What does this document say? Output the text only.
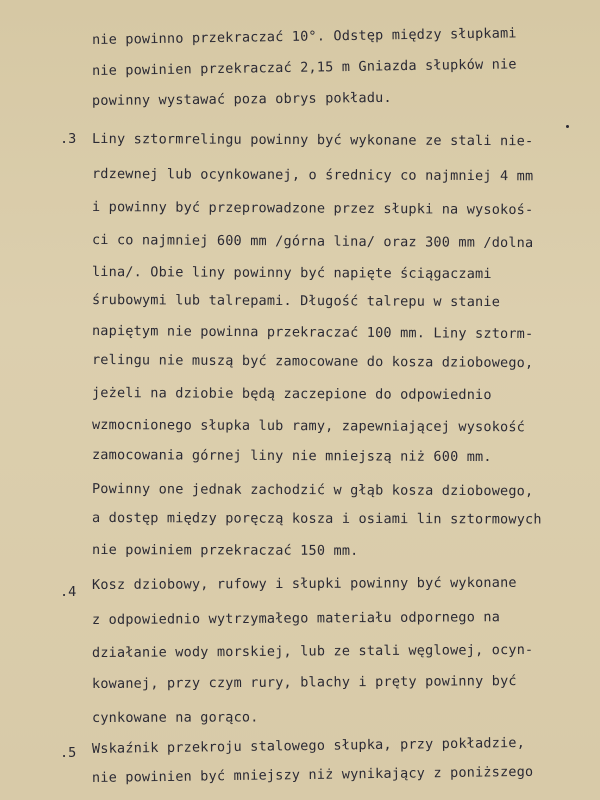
nie powinno przekraczać 10°. Odstęp między słupkami
nie powinien przekraczać 2,15 m Gniazda słupków nie
powinny wystawać poza obrys pokładu.
.3 Liny sztormrelingu powinny być wykonane ze stali nie-
rdzewnej lub ocynkowanej, o średnicy co najmniej 4 mm
i powinny być przeprowadzone przez słupki na wysokoś-
ci co najmniej 600 mm /górna lina/ oraz 300 mm /dolna
lina/. Obie liny powinny być napięte ściągaczami
śrubowymi lub talrepami. Długość talrepu w stanie
napiętym nie powinna przekraczać 100 mm. Liny sztorm-
relingu nie muszą być zamocowane do kosza dziobowego,
jeżeli na dziobie będą zaczepione do odpowiednio
wzmocnionego słupka lub ramy, zapewniającej wysokość
zamocowania górnej liny nie mniejszą niż 600 mm.
Powinny one jednak zachodzić w głąb kosza dziobowego,
a dostęp między poręczą kosza i osiami lin sztormowych
nie powiniem przekraczać 150 mm.
.4 Kosz dziobowy, rufowy i słupki powinny być wykonane
z odpowiednio wytrzymałego materiału odpornego na
działanie wody morskiej, lub ze stali węglowej, ocyn-
kowanej, przy czym rury, blachy i pręty powinny być
cynkowane na gorąco.
.5 Wskaźnik przekroju stalowego słupka, przy pokładzie,
nie powinien być mniejszy niż wynikający z poniższego
